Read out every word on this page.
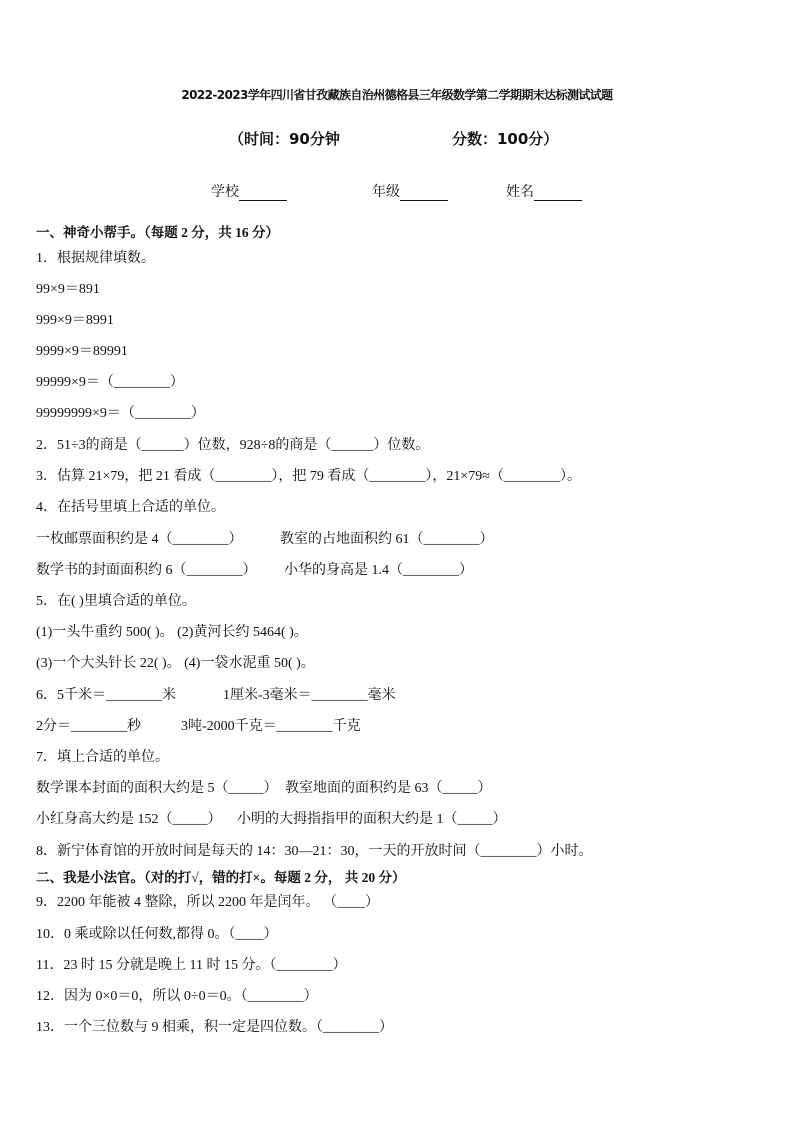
2022-2023学年四川省甘孜藏族自治州德格县三年级数学第二学期期末达标测试试题
（时间：90分钟	分数：100分）
学校	年级	姓名
一、神奇小帮手。（每题 2 分，共 16 分）
1．根据规律填数。
99×9＝891
999×9＝8991
9999×9＝89991
99999×9＝（________）
99999999×9＝（________）
2．51÷3的商是（______）位数，928÷8的商是（______）位数。
3．估算 21×79，把 21 看成（________），把 79 看成（________），21×79≈（________）。
4．在括号里填上合适的单位。
一枚邮票面积约是 4（________）	教室的占地面积约 61（________）
数学书的封面面积约 6（________） 小华的身高是 1.4（________）
5．在( )里填合适的单位。
(1)一头牛重约 500( )。 (2)黄河长约 5464( )。
(3)一个大头针长 22( )。 (4)一袋水泥重 50( )。
6．5千米＝________米	1厘米-3毫米＝________毫米
2分＝________秒	3吨-2000千克＝________千克
7．填上合适的单位。
数学课本封面的面积大约是 5（_____） 教室地面的面积约是 63（_____）
小红身高大约是 152（_____） 小明的大拇指指甲的面积大约是 1（_____）
8．新宁体育馆的开放时间是每天的 14：30—21：30，一天的开放时间（________）小时。
二、我是小法官。（对的打√，错的打×。每题 2 分， 共 20 分）
9．2200 年能被 4 整除，所以 2200 年是闰年。 （____）
10．0 乘或除以任何数,都得 0。（____）
11．23 时 15 分就是晚上 11 时 15 分。（________）
12．因为 0×0＝0，所以 0÷0＝0。（________）
13．一个三位数与 9 相乘，积一定是四位数。（________）
